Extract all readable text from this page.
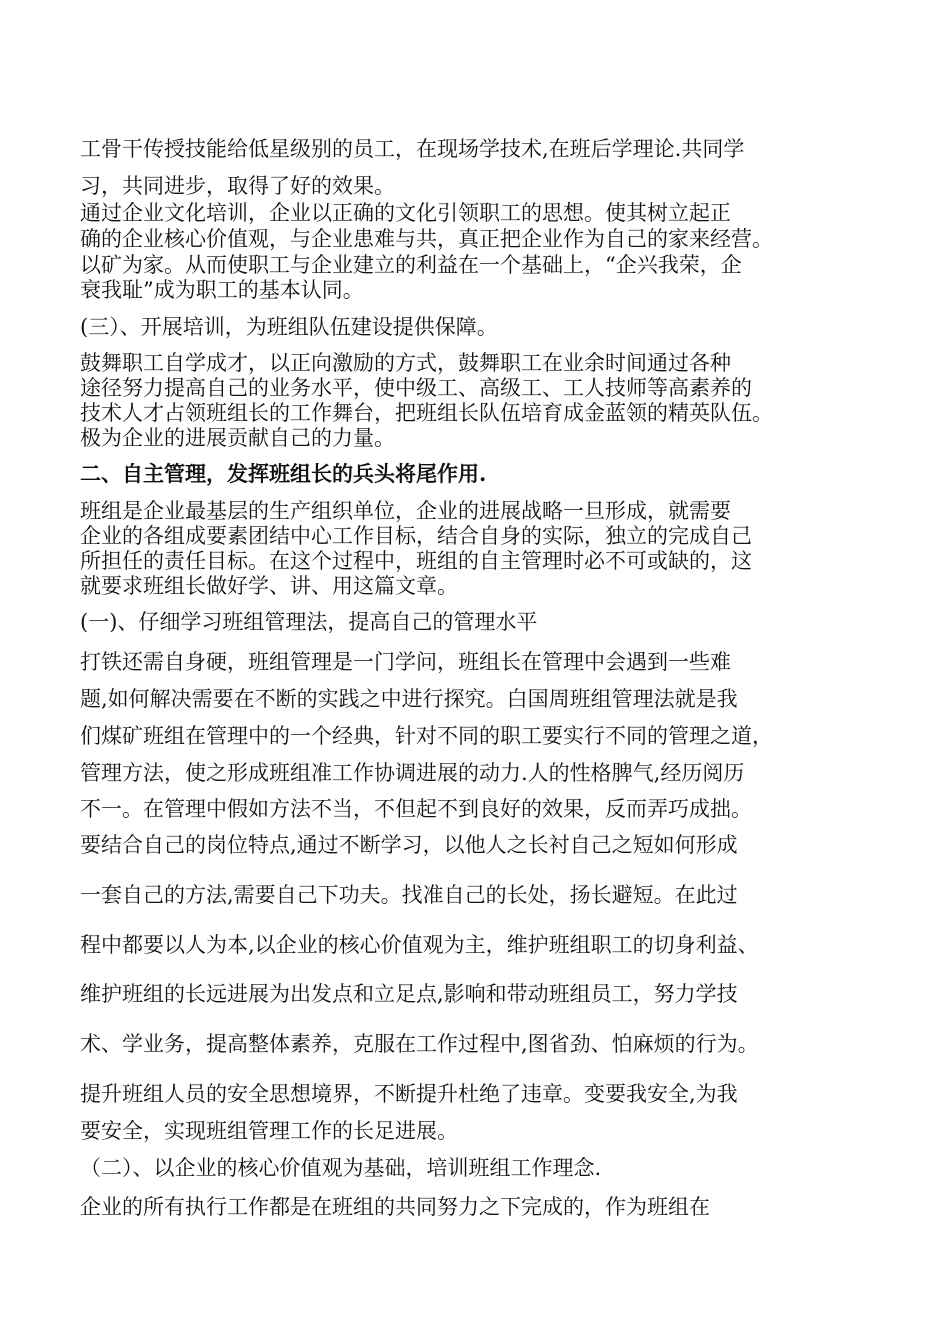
工骨干传授技能给低星级别的员工，在现场学技术,在班后学理论.共同学
习，共同进步，取得了好的效果。
通过企业文化培训，企业以正确的文化引领职工的思想。使其树立起正
确的企业核心价值观，与企业患难与共，真正把企业作为自己的家来经营。
以矿为家。从而使职工与企业建立的利益在一个基础上，“企兴我荣，企
衰我耻”成为职工的基本认同。
(三）、开展培训，为班组队伍建设提供保障。
鼓舞职工自学成才，以正向激励的方式，鼓舞职工在业余时间通过各种
途径努力提高自己的业务水平，使中级工、高级工、工人技师等高素养的
技术人才占领班组长的工作舞台，把班组长队伍培育成金蓝领的精英队伍。
极为企业的进展贡献自己的力量。
二、自主管理，发挥班组长的兵头将尾作用.
班组是企业最基层的生产组织单位，企业的进展战略一旦形成，就需要
企业的各组成要素团结中心工作目标，结合自身的实际，独立的完成自己
所担任的责任目标。在这个过程中，班组的自主管理时必不可或缺的，这
就要求班组长做好学、讲、用这篇文章。
(一)、仔细学习班组管理法，提高自己的管理水平
打铁还需自身硬，班组管理是一门学问，班组长在管理中会遇到一些难
题,如何解决需要在不断的实践之中进行探究。白国周班组管理法就是我
们煤矿班组在管理中的一个经典，针对不同的职工要实行不同的管理之道，
管理方法，使之形成班组准工作协调进展的动力.人的性格脾气,经历阅历
不一。在管理中假如方法不当，不但起不到良好的效果，反而弄巧成拙。
要结合自己的岗位特点,通过不断学习，以他人之长衬自己之短如何形成
一套自己的方法,需要自己下功夫。找准自己的长处，扬长避短。在此过
程中都要以人为本,以企业的核心价值观为主，维护班组职工的切身利益、
维护班组的长远进展为出发点和立足点,影响和带动班组员工，努力学技
术、学业务，提高整体素养，克服在工作过程中,图省劲、怕麻烦的行为。
提升班组人员的安全思想境界，不断提升杜绝了违章。变要我安全,为我
要安全，实现班组管理工作的长足进展。
（二）、以企业的核心价值观为基础，培训班组工作理念.
企业的所有执行工作都是在班组的共同努力之下完成的，作为班组在
